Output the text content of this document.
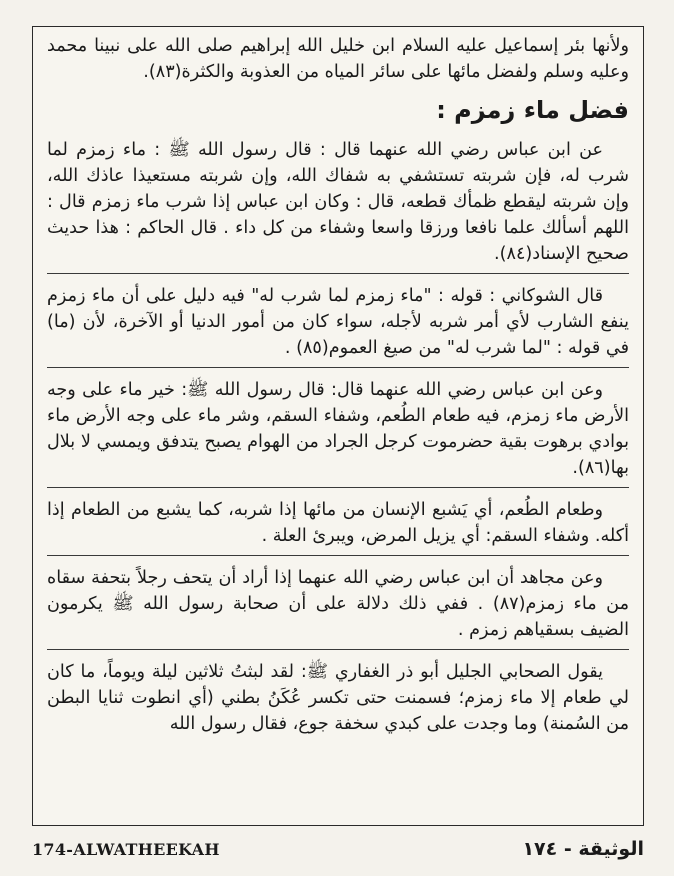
ولأنها بئر إسماعيل عليه السلام ابن خليل الله إبراهيم صلى الله على نبينا محمد وعليه وسلم ولفضل مائها على سائر المياه من العذوبة والكثرة(٨٣).

فضل ماء زمزم :

عن ابن عباس رضي الله عنهما قال : قال رسول الله ﷺ : ماء زمزم لما شرب له، فإن شربته تستشفي به شفاك الله، وإن شربته مستعيذا عاذك الله، وإن شربته ليقطع ظمأك قطعه، قال : وكان ابن عباس إذا شرب ماء زمزم قال : اللهم أسألك علما نافعا ورزقا واسعا وشفاء من كل داء . قال الحاكم : هذا حديث صحيح الإسناد(٨٤).

قال الشوكاني : قوله : "ماء زمزم لما شرب له" فيه دليل على أن ماء زمزم ينفع الشارب لأي أمر شربه لأجله، سواء كان من أمور الدنيا أو الآخرة، لأن (ما) في قوله : "لما شرب له" من صيغ العموم(٨٥) .

وعن ابن عباس رضي الله عنهما قال: قال رسول الله ﷺ: خير ماء على وجه الأرض ماء زمزم، فيه طعام الطُعم، وشفاء السقم، وشر ماء على وجه الأرض ماء بوادي برهوت بقية حضرموت كرجل الجراد من الهوام يصبح يتدفق ويمسي لا بلال بها(٨٦).

وطعام الطُعم، أي يَشبع الإنسان من مائها إذا شربه، كما يشبع من الطعام إذا أكله. وشفاء السقم: أي يزيل المرض، ويبرئ العلة .

وعن مجاهد أن ابن عباس رضي الله عنهما إذا أراد أن يتحف رجلاً بتحفة سقاه من ماء زمزم(٨٧) . ففي ذلك دلالة على أن صحابة رسول الله ﷺ يكرمون الضيف بسقياهم زمزم .

يقول الصحابي الجليل أبو ذر الغفاري ﷺ: لقد لبثتُ ثلاثين ليلة ويوماً، ما كان لي طعام إلا ماء زمزم؛ فسمنت حتى تكسر عُكَنُ بطني (أي انطوت ثنايا البطن من السُمنة) وما وجدت على كبدي سخفة جوع، فقال رسول الله

174-ALWATHEEKAH	الوثيقة - ١٧٤
